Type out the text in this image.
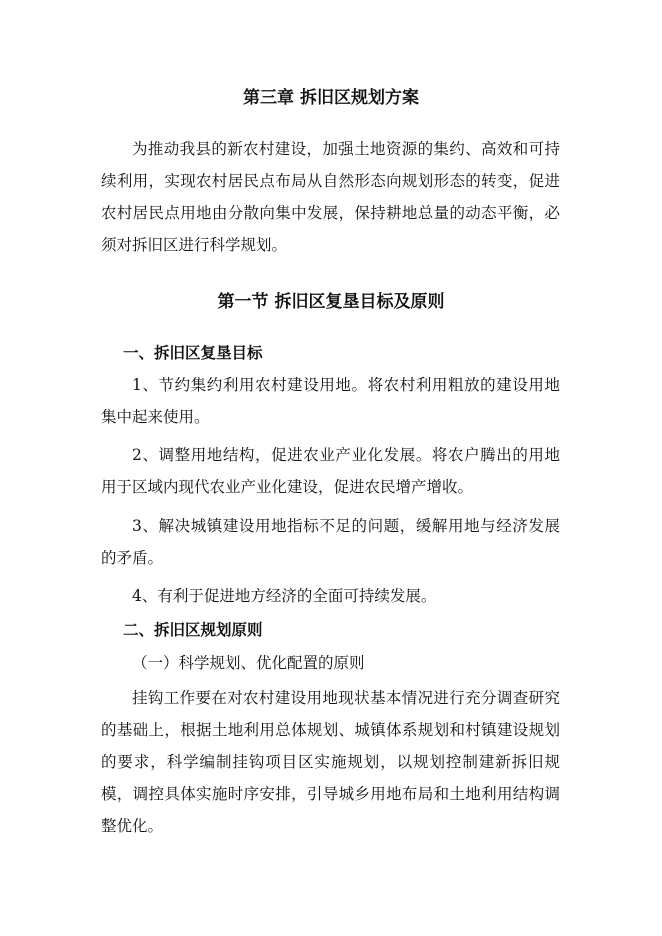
第三章 拆旧区规划方案

为推动我县的新农村建设，加强土地资源的集约、高效和可持续利用，实现农村居民点布局从自然形态向规划形态的转变，促进农村居民点用地由分散向集中发展，保持耕地总量的动态平衡，必须对拆旧区进行科学规划。

第一节 拆旧区复垦目标及原则

一、拆旧区复垦目标

1、节约集约利用农村建设用地。将农村利用粗放的建设用地集中起来使用。

2、调整用地结构，促进农业产业化发展。将农户腾出的用地用于区域内现代农业产业化建设，促进农民增产增收。

3、解决城镇建设用地指标不足的问题，缓解用地与经济发展的矛盾。

4、有利于促进地方经济的全面可持续发展。

二、拆旧区规划原则

（一）科学规划、优化配置的原则

挂钩工作要在对农村建设用地现状基本情况进行充分调查研究的基础上，根据土地利用总体规划、城镇体系规划和村镇建设规划的要求，科学编制挂钩项目区实施规划，以规划控制建新拆旧规模，调控具体实施时序安排，引导城乡用地布局和土地利用结构调整优化。
